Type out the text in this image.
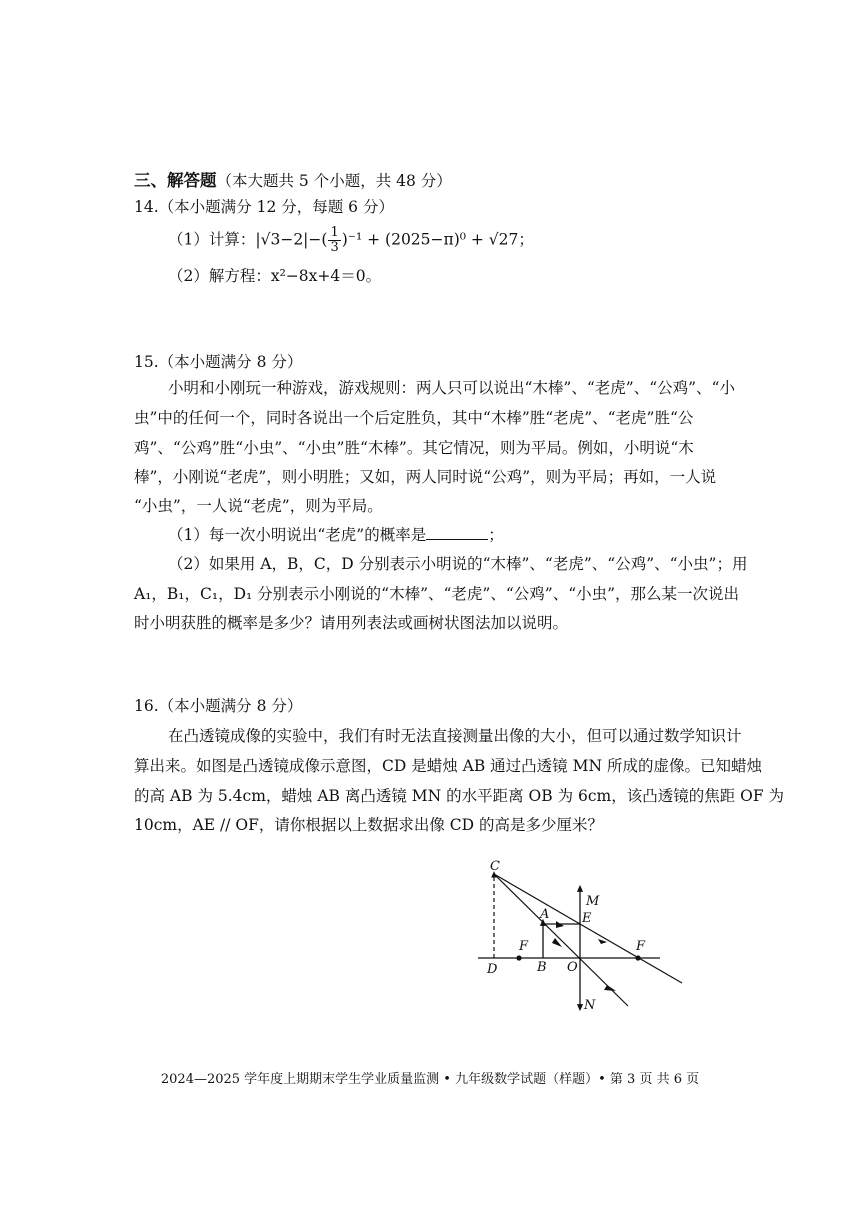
三、解答题（本大题共 5 个小题，共 48 分）
14.（本小题满分 12 分，每题 6 分）
（1）计算：$|√3-2|-( \frac{1}{3} )^{-1} + (2025-\pi)^0 + √27$；
（2）解方程：x²−8x+4＝0。
15.（本小题满分 8 分）
小明和小刚玩一种游戏，游戏规则：两人只可以说出“木棒”、“老虎”、“公鸡”、“小
虫”中的任何一个，同时各说出一个后定胜负，其中“木棒”胜“老虎”、“老虎”胜“公
鸡”、“公鸡”胜“小虫”、“小虫”胜“木棒”。其它情况，则为平局。例如，小明说“木
棒”，小刚说“老虎”，则小明胜；又如，两人同时说“公鸡”，则为平局；再如，一人说
“小虫”，一人说“老虎”，则为平局。
（1）每一次小明说出“老虎”的概率是	；
（2）如果用 A，B，C，D 分别表示小明说的“木棒”、“老虎”、“公鸡”、“小虫”；用
A₁，B₁，C₁，D₁ 分别表示小刚说的“木棒”、“老虎”、“公鸡”、“小虫”，那么某一次说出
时小明获胜的概率是多少？请用列表法或画树状图法加以说明。
16.（本小题满分 8 分）
在凸透镜成像的实验中，我们有时无法直接测量出像的大小，但可以通过数学知识计
算出来。如图是凸透镜成像示意图，CD 是蜡烛 AB 通过凸透镜 MN 所成的虚像。已知蜡烛
的高 AB 为 5.4cm，蜡烛 AB 离凸透镜 MN 的水平距离 OB 为 6cm，该凸透镜的焦距 OF 为
10cm，AE // OF，请你根据以上数据求出像 CD 的高是多少厘米？
C
M
A	E
F	F
D	B O
N
2024—2025 学年度上期期末学生学业质量监测 • 九年级数学试题（样题）• 第 3 页 共 6 页
